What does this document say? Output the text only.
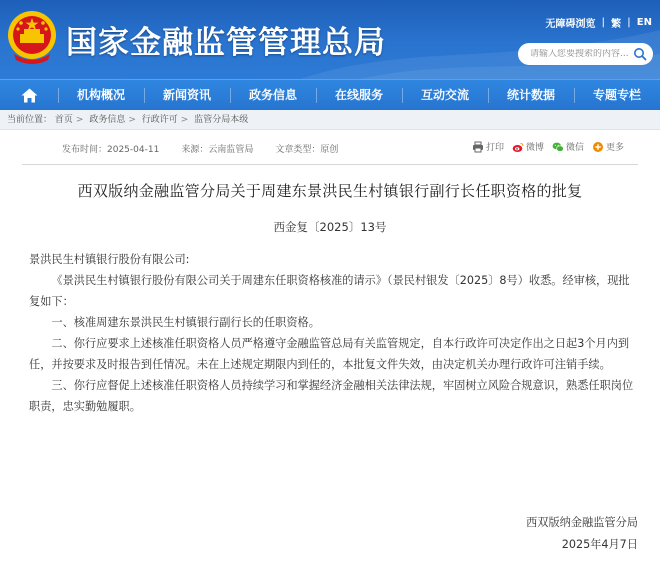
国家金融监管管理总局
无障碍浏览 | 繁 | EN
请输入您要搜索的内容...
机构概况	新闻资讯	政务信息	在线服务	互动交流	统计数据	专题专栏
当前位置： 首页 > 政务信息 > 行政许可 > 监管分局本级
发布时间：2025-04-11 来源：云南监管局 文章类型：原创	打印 微博 微信 更多
西双版纳金融监管分局关于周建东景洪民生村镇银行副行长任职资格的批复
西金复〔2025〕13号

景洪民生村镇银行股份有限公司:

《景洪民生村镇银行股份有限公司关于周建东任职资格核准的请示》（景民村银发〔2025〕8号）收悉。经审核，现批复如下：

一、核准周建东景洪民生村镇银行副行长的任职资格。

二、你行应要求上述核准任职资格人员严格遵守金融监管总局有关监管规定，自本行政许可决定作出之日起3个月内到任，并按要求及时报告到任情况。未在上述规定期限内到任的，本批复文件失效，由决定机关办理行政许可注销手续。

三、你行应督促上述核准任职资格人员持续学习和掌握经济金融相关法律法规，牢固树立风险合规意识，熟悉任职岗位职责，忠实勤勉履职。

西双版纳金融监管分局
2025年4月7日
